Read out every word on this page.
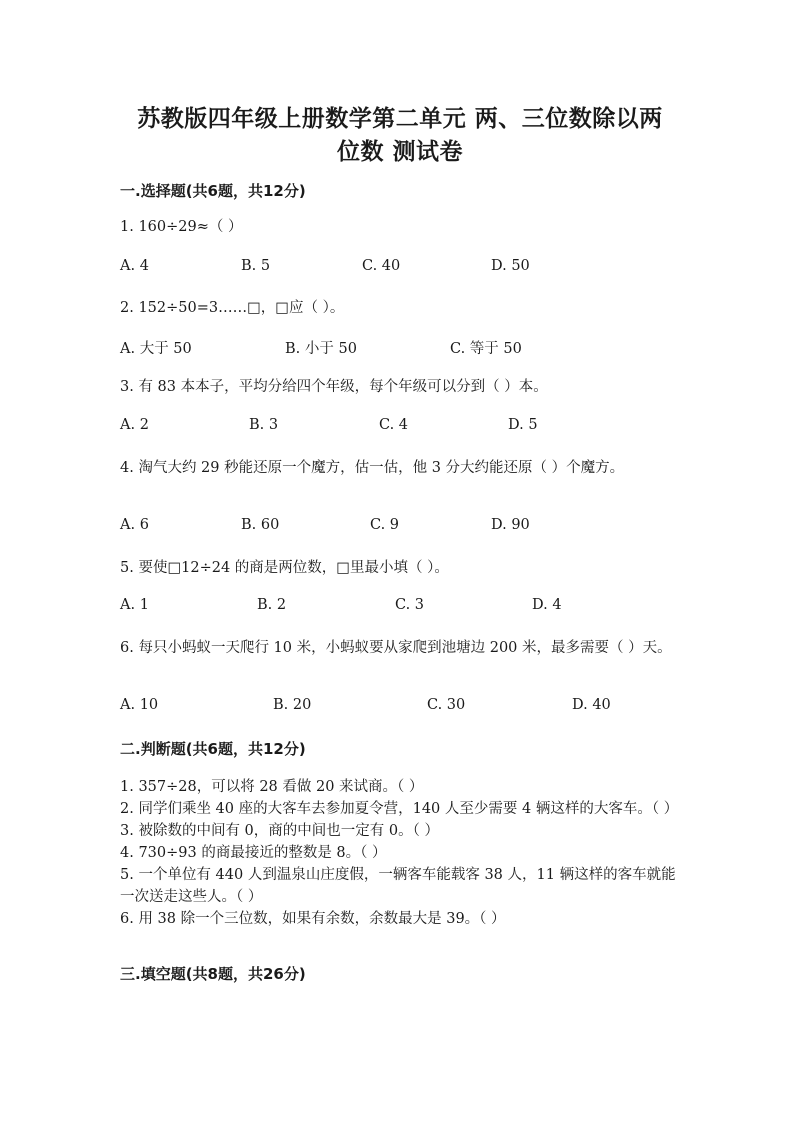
苏教版四年级上册数学第二单元 两、三位数除以两
位数 测试卷
一.选择题(共6题，共12分)
1. 160÷29≈（ ）
A. 4	B. 5	C. 40	D. 50
2. 152÷50=3……□，□应（ ）。
A. 大于 50	B. 小于 50	C. 等于 50
3. 有 83 本本子，平均分给四个年级，每个年级可以分到（ ）本。
A. 2	B. 3	C. 4	D. 5
4. 淘气大约 29 秒能还原一个魔方，估一估，他 3 分大约能还原（ ）个魔方。
A. 6	B. 60	C. 9	D. 90
5. 要使□12÷24 的商是两位数，□里最小填（ ）。
A. 1	B. 2	C. 3	D. 4
6. 每只小蚂蚁一天爬行 10 米，小蚂蚁要从家爬到池塘边 200 米，最多需要（ ）天。
A. 10	B. 20	C. 30	D. 40
二.判断题(共6题，共12分)
1. 357÷28，可以将 28 看做 20 来试商。（ ）
2. 同学们乘坐 40 座的大客车去参加夏令营，140 人至少需要 4 辆这样的大客车。（ ）
3. 被除数的中间有 0，商的中间也一定有 0。（ ）
4. 730÷93 的商最接近的整数是 8。（ ）
5. 一个单位有 440 人到温泉山庄度假，一辆客车能载客 38 人，11 辆这样的客车就能一次送走这些人。（ ）
6. 用 38 除一个三位数，如果有余数，余数最大是 39。（ ）
三.填空题(共8题，共26分)
